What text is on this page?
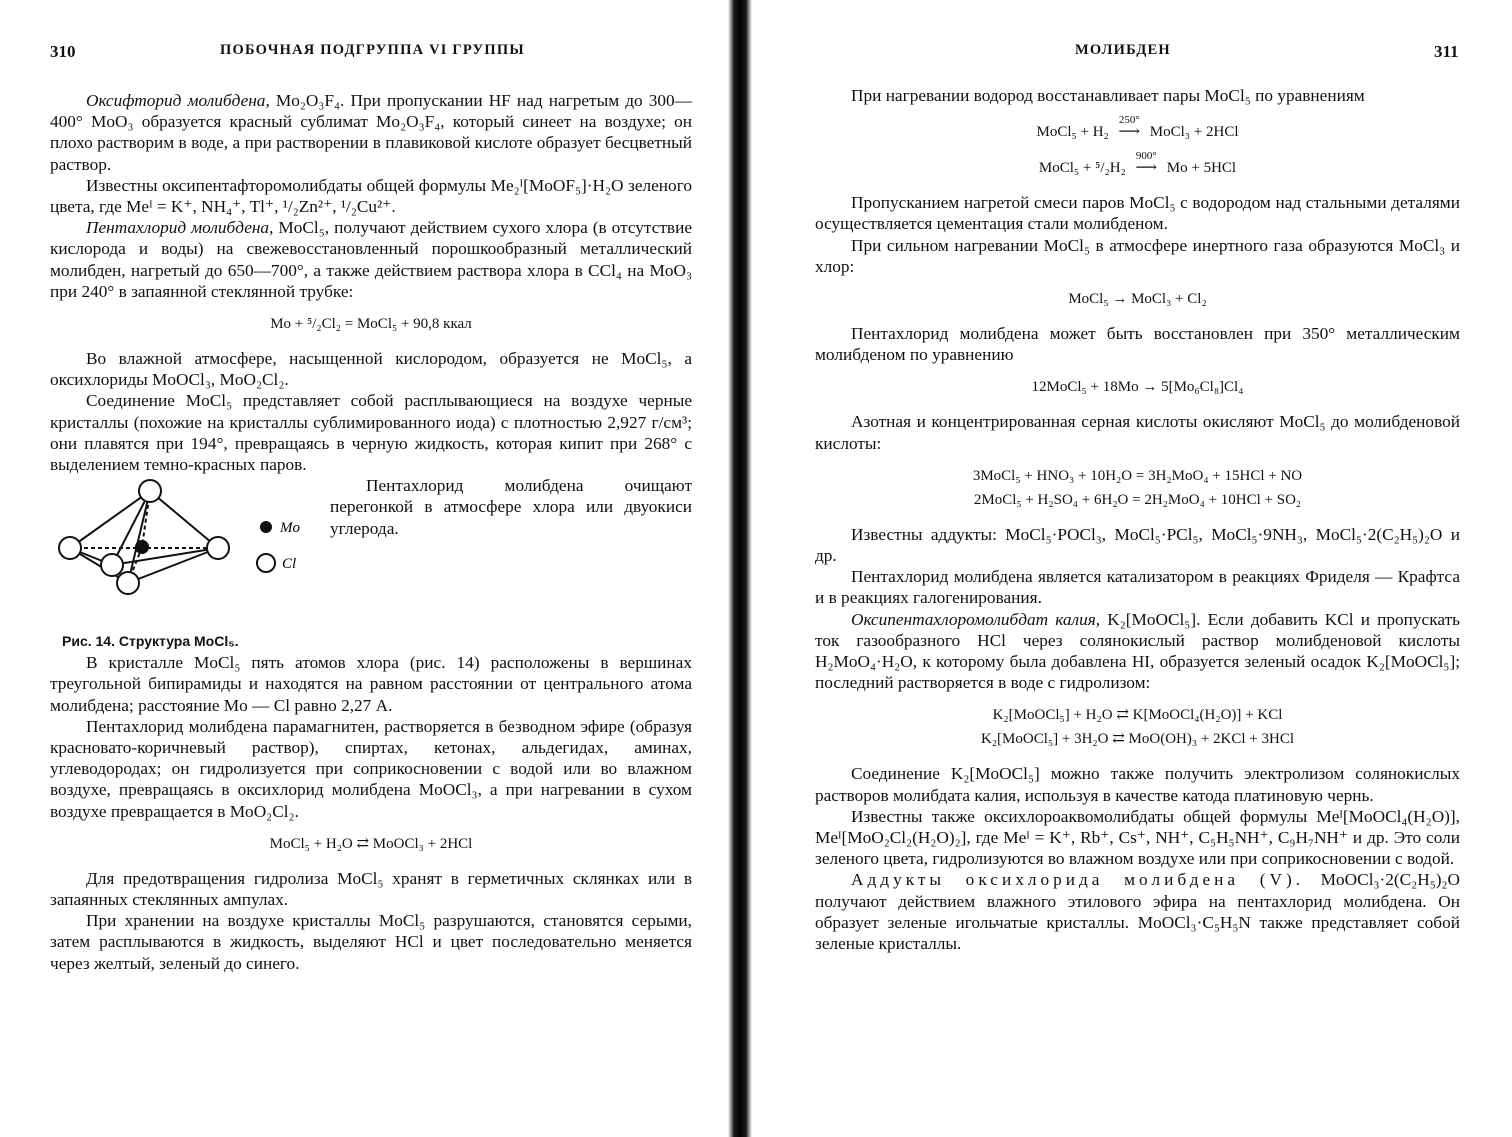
310	ПОБОЧНАЯ ПОДГРУППА VI ГРУППЫ

Оксифторид молибдена, Mo₂O₃F₄. При пропускании HF над нагретым до 300—400° MoO₃ образуется красный сублимат Mo₂O₃F₄, который синеет на воздухе; он плохо растворим в воде, а при растворении в плавиковой кислоте образует бесцветный раствор.

Известны оксипентафторомолибдаты общей формулы Me₂ᴵ[MoOF₅]·H₂O зеленого цвета, где Meᴵ = K⁺, NH₄⁺, Tl⁺, ¹/₂Zn²⁺, ¹/₂Cu²⁺.

Пентахлорид молибдена, MoCl₅, получают действием сухого хлора (в отсутствие кислорода и воды) на свежевосстановленный порошкообразный металлический молибден, нагретый до 650—700°, а также действием раствора хлора в CCl₄ на MoO₃ при 240° в запаянной стеклянной трубке:

Mo + ⁵/₂Cl₂ = MoCl₅ + 90,8 ккал

Во влажной атмосфере, насыщенной кислородом, образуется не MoCl₅, а оксихлориды MoOCl₃, MoO₂Cl₂.

Соединение MoCl₅ представляет собой расплывающиеся на воздухе черные кристаллы (похожие на кристаллы сублимированного иода) с плотностью 2,927 г/см³; они плавятся при 194°, превращаясь в черную жидкость, которая кипит при 268° с выделением темно-красных паров.

Mo
Cl
Рис. 14. Структура MoCl₅.

Пентахлорид молибдена очищают перегонкой в атмосфере хлора или двуокиси углерода.

В кристалле MoCl₅ пять атомов хлора (рис. 14) расположены в вершинах треугольной бипирамиды и находятся на равном расстоянии от центрального атома молибдена; расстояние Mo — Cl равно 2,27 A.

Пентахлорид молибдена парамагнитен, растворяется в безводном эфире (образуя красновато-коричневый раствор), спиртах, кетонах, альдегидах, аминах, углеводородах; он гидролизуется при соприкосновении с водой или во влажном воздухе, превращаясь в оксихлорид молибдена MoOCl₃, а при нагревании в сухом воздухе превращается в MoO₂Cl₂.

MoCl₅ + H₂O ⇄ MoOCl₃ + 2HCl

Для предотвращения гидролиза MoCl₅ хранят в герметичных склянках или в запаянных стеклянных ампулах.

При хранении на воздухе кристаллы MoCl₅ разрушаются, становятся серыми, затем расплываются в жидкость, выделяют HCl и цвет последовательно меняется через желтый, зеленый до синего.

МОЛИБДЕН	311

При нагревании водород восстанавливает пары MoCl₅ по уравнениям

MoCl₅ + H₂
250°
⟶ MoCl₃ + 2HCl
MoCl₅ + ⁵/₂H₂
900°
⟶ Mo + 5HCl

Пропусканием нагретой смеси паров MoCl₅ с водородом над стальными деталями осуществляется цементация стали молибденом.

При сильном нагревании MoCl₅ в атмосфере инертного газа образуются MoCl₃ и хлор:

MoCl₅ → MoCl₃ + Cl₂

Пентахлорид молибдена может быть восстановлен при 350° металлическим молибденом по уравнению

12MoCl₅ + 18Mo → 5[Mo₆Cl₈]Cl₄

Азотная и концентрированная серная кислоты окисляют MoCl₅ до молибденовой кислоты:

3MoCl₅ + HNO₃ + 10H₂O = 3H₂MoO₄ + 15HCl + NO
2MoCl₅ + H₂SO₄ + 6H₂O = 2H₂MoO₄ + 10HCl + SO₂

Известны аддукты: MoCl₅·POCl₃, MoCl₅·PCl₅, MoCl₅·9NH₃, MoCl₅·2(C₂H₅)₂O и др.

Пентахлорид молибдена является катализатором в реакциях Фриделя — Крафтса и в реакциях галогенирования.

Оксипентахлоромолибдат калия, K₂[MoOCl₅]. Если добавить KCl и пропускать ток газообразного HCl через солянокислый раствор молибденовой кислоты H₂MoO₄·H₂O, к которому была добавлена HI, образуется зеленый осадок K₂[MoOCl₅]; последний растворяется в воде с гидролизом:

K₂[MoOCl₅] + H₂O ⇄ K[MoOCl₄(H₂O)] + KCl
K₂[MoOCl₅] + 3H₂O ⇄ MoO(OH)₃ + 2KCl + 3HCl

Соединение K₂[MoOCl₅] можно также получить электролизом солянокислых растворов молибдата калия, используя в качестве катода платиновую чернь.

Известны также оксихлороаквомолибдаты общей формулы Meᴵ[MoOCl₄(H₂O)], Meᴵ[MoO₂Cl₂(H₂O)₂], где Meᴵ = K⁺, Rb⁺, Cs⁺, NH⁺, C₅H₅NH⁺, C₉H₇NH⁺ и др. Это соли зеленого цвета, гидролизуются во влажном воздухе или при соприкосновении с водой.

Аддукты оксихлорида молибдена (V). MoOCl₃·2(C₂H₅)₂O получают действием влажного этилового эфира на пентахлорид молибдена. Он образует зеленые игольчатые кристаллы. MoOCl₃·C₅H₅N также представляет собой зеленые кристаллы.
